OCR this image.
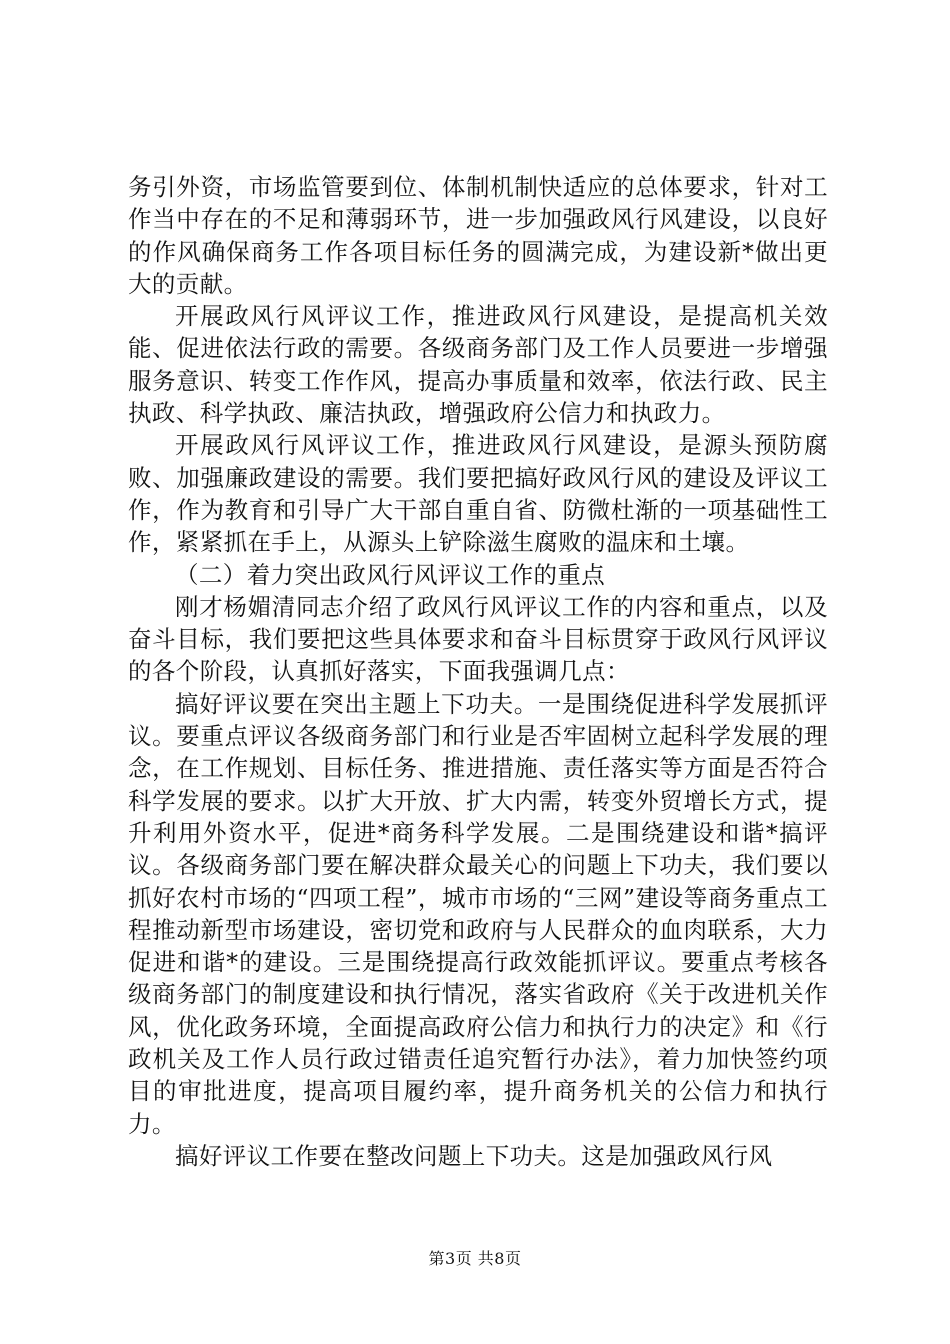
务引外资，市场监管要到位、体制机制快适应的总体要求，针对工作当中存在的不足和薄弱环节，进一步加强政风行风建设，以良好的作风确保商务工作各项目标任务的圆满完成，为建设新*做出更大的贡献。

开展政风行风评议工作，推进政风行风建设，是提高机关效能、促进依法行政的需要。各级商务部门及工作人员要进一步增强服务意识、转变工作作风，提高办事质量和效率，依法行政、民主执政、科学执政、廉洁执政，增强政府公信力和执政力。

开展政风行风评议工作，推进政风行风建设，是源头预防腐败、加强廉政建设的需要。我们要把搞好政风行风的建设及评议工作，作为教育和引导广大干部自重自省、防微杜渐的一项基础性工作，紧紧抓在手上，从源头上铲除滋生腐败的温床和土壤。

（二）着力突出政风行风评议工作的重点

刚才杨媚清同志介绍了政风行风评议工作的内容和重点，以及奋斗目标，我们要把这些具体要求和奋斗目标贯穿于政风行风评议的各个阶段，认真抓好落实，下面我强调几点：

搞好评议要在突出主题上下功夫。一是围绕促进科学发展抓评议。要重点评议各级商务部门和行业是否牢固树立起科学发展的理念，在工作规划、目标任务、推进措施、责任落实等方面是否符合科学发展的要求。以扩大开放、扩大内需，转变外贸增长方式，提升利用外资水平，促进*商务科学发展。二是围绕建设和谐*搞评议。各级商务部门要在解决群众最关心的问题上下功夫，我们要以抓好农村市场的“四项工程”，城市市场的“三网”建设等商务重点工程推动新型市场建设，密切党和政府与人民群众的血肉联系，大力促进和谐*的建设。三是围绕提高行政效能抓评议。要重点考核各级商务部门的制度建设和执行情况，落实省政府《关于改进机关作风，优化政务环境，全面提高政府公信力和执行力的决定》和《行政机关及工作人员行政过错责任追究暂行办法》，着力加快签约项目的审批进度，提高项目履约率，提升商务机关的公信力和执行力。

搞好评议工作要在整改问题上下功夫。这是加强政风行风

第3页 共8页
